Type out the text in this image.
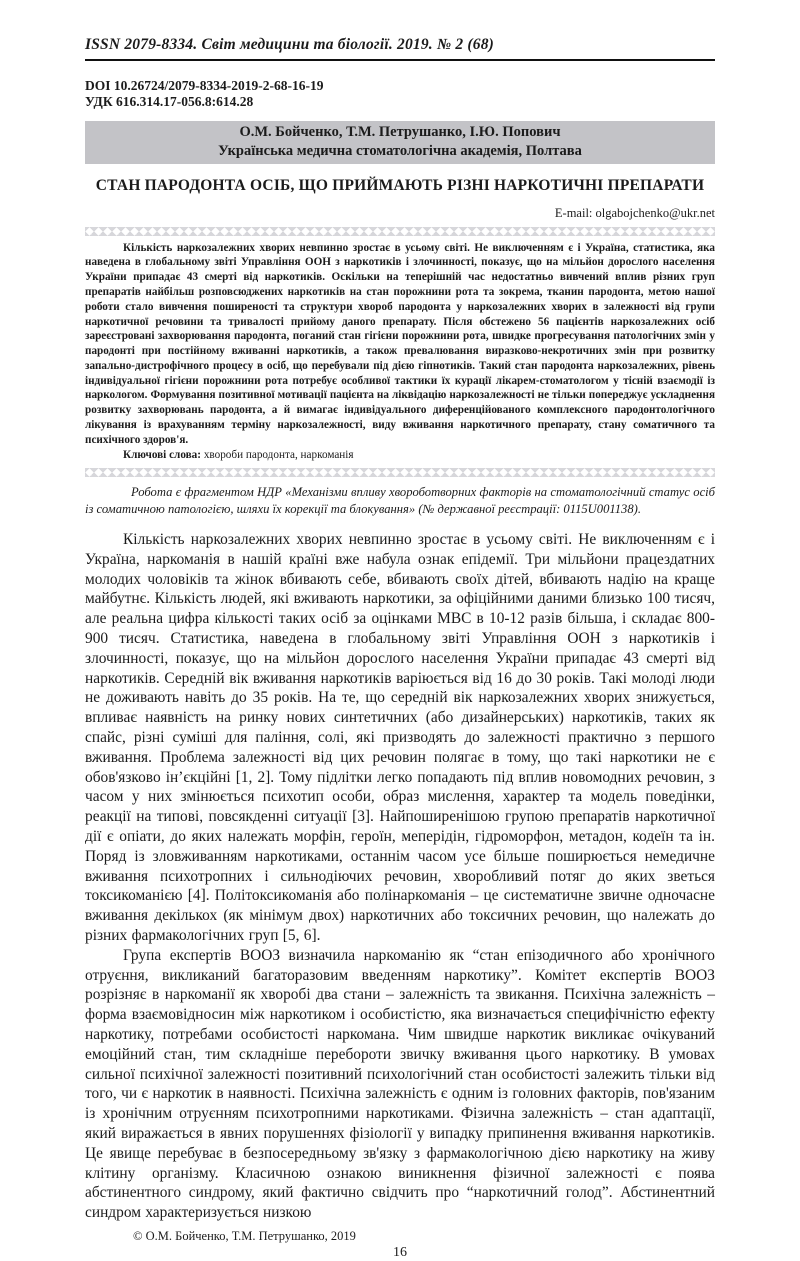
ISSN 2079-8334. Світ медицини та біології. 2019. № 2 (68)
DOI 10.26724/2079-8334-2019-2-68-16-19
УДК 616.314.17-056.8:614.28
О.М. Бойченко, Т.М. Петрушанко, І.Ю. Попович
Українська медична стоматологічна академія, Полтава
СТАН ПАРОДОНТА ОСІБ, ЩО ПРИЙМАЮТЬ РІЗНІ НАРКОТИЧНІ ПРЕПАРАТИ
E-mail: olgabojchenko@ukr.net
Кількість наркозалежних хворих невпинно зростає в усьому світі. Не виключенням є і Україна, статистика, яка наведена в глобальному звіті Управління ООН з наркотиків і злочинності, показує, що на мільйон дорослого населення України припадає 43 смерті від наркотиків. Оскільки на теперішній час недостатньо вивчений вплив різних груп препаратів найбільш розповсюджених наркотиків на стан порожнини рота та зокрема, тканин пародонта, метою нашої роботи стало вивчення поширеності та структури хвороб пародонта у наркозалежних хворих в залежності від групи наркотичної речовини та тривалості прийому даного препарату. Після обстежено 56 пацієнтів наркозалежних осіб зареєстровані захворювання пародонта, поганий стан гігієни порожнини рота, швидке прогресування патологічних змін у пародонті при постійному вживанні наркотиків, а також превалювання виразково-некротичних змін при розвитку запально-дистрофічного процесу в осіб, що перебували під дією гіпнотиків. Такий стан пародонта наркозалежних, рівень індивідуальної гігієни порожнини рота потребує особливої тактики їх курації лікарем-стоматологом у тісній взаємодії із наркологом. Формування позитивної мотивації пацієнта на ліквідацію наркозалежності не тільки попереджує ускладнення розвитку захворювань пародонта, а й вимагає індивідуального диференційованого комплексного пародонтологічного лікування із врахуванням терміну наркозалежності, виду вживання наркотичного препарату, стану соматичного та психічного здоров'я.
Ключові слова: хвороби пародонта, наркоманія
Робота є фрагментом НДР «Механізми впливу хвороботворних факторів на стоматологічний статус осіб із соматичною патологією, шляхи їх корекції та блокування» (№ державної реєстрації: 0115U001138).

Кількість наркозалежних хворих невпинно зростає в усьому світі. Не виключенням є і Україна, наркоманія в нашій країні вже набула ознак епідемії. Три мільйони працездатних молодих чоловіків та жінок вбивають себе, вбивають своїх дітей, вбивають надію на краще майбутнє. Кількість людей, які вживають наркотики, за офіційними даними близько 100 тисяч, але реальна цифра кількості таких осіб за оцінками МВС в 10-12 разів більша, і складає 800-900 тисяч. Статистика, наведена в глобальному звіті Управління ООН з наркотиків і злочинності, показує, що на мільйон дорослого населення України припадає 43 смерті від наркотиків. Середній вік вживання наркотиків варіюється від 16 до 30 років. Такі молоді люди не доживають навіть до 35 років. На те, що середній вік наркозалежних хворих знижується, впливає наявність на ринку нових синтетичних (або дизайнерських) наркотиків, таких як спайс, різні суміші для паління, солі, які призводять до залежності практично з першого вживання. Проблема залежності від цих речовин полягає в тому, що такі наркотики не є обов'язково ін’єкційні [1, 2]. Тому підлітки легко попадають під вплив новомодних речовин, з часом у них змінюється психотип особи, образ мислення, характер та модель поведінки, реакції на типові, повсякденні ситуації [3]. Найпоширенішою групою препаратів наркотичної дії є опіати, до яких належать морфін, героїн, меперідін, гідроморфон, метадон, кодеїн та ін. Поряд із зловживанням наркотиками, останнім часом усе більше поширюється немедичне вживання психотропних і сильнодіючих речовин, хворобливий потяг до яких зветься токсикоманією [4]. Політоксикоманія або полінаркоманія – це систематичне звичне одночасне вживання декількох (як мінімум двох) наркотичних або токсичних речовин, що належать до різних фармакологічних груп [5, 6].

Група експертів ВООЗ визначила наркоманію як “стан епізодичного або хронічного отруєння, викликаний багаторазовим введенням наркотику”. Комітет експертів ВООЗ розрізняє в наркоманії як хворобі два стани – залежність та звикання. Психічна залежність – форма взаємовідносин між наркотиком і особистістю, яка визначається специфічністю ефекту наркотику, потребами особистості наркомана. Чим швидше наркотик викликає очікуваний емоційний стан, тим складніше перебороти звичку вживання цього наркотику. В умовах сильної психічної залежності позитивний психологічний стан особистості залежить тільки від того, чи є наркотик в наявності. Психічна залежність є одним із головних факторів, пов'язаним із хронічним отруєнням психотропними наркотиками. Фізична залежність – стан адаптації, який виражається в явних порушеннях фізіології у випадку припинення вживання наркотиків. Це явище перебуває в безпосередньому зв'язку з фармакологічною дією наркотику на живу клітину організму. Класичною ознакою виникнення фізичної залежності є поява абстинентного синдрому, який фактично свідчить про “наркотичний голод”. Абстинентний синдром характеризується низкою

© О.М. Бойченко, Т.М. Петрушанко, 2019
16
